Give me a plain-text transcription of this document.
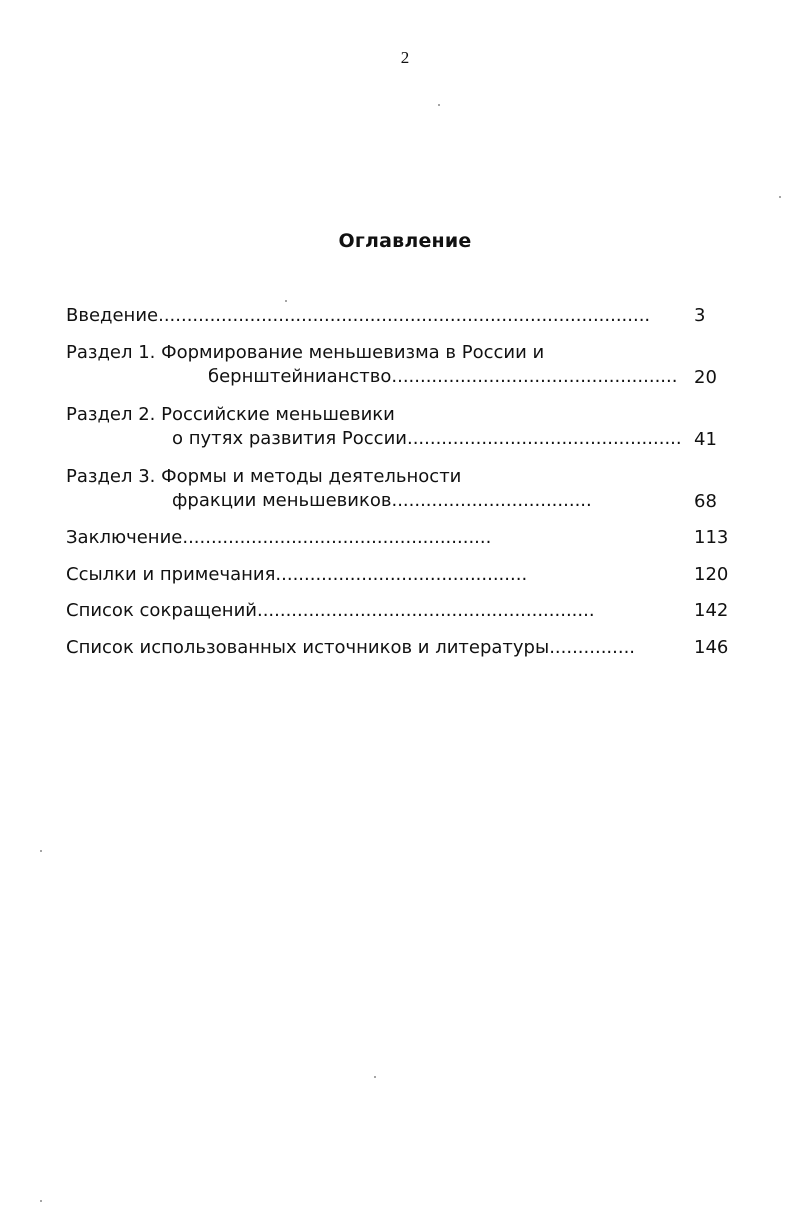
2
Оглавление
Введение...................................................................................... 3
Раздел 1. Формирование меньшевизма в России и
бернштейнианство.................................................. 20
Раздел 2. Российские меньшевики
о путях развития России................................................ 41
Раздел 3. Формы и методы деятельности
фракции меньшевиков...................................	68
Заключение......................................................	113
Ссылки и примечания............................................	120
Список сокращений...........................................................	142
Список использованных источников и литературы...............	146
